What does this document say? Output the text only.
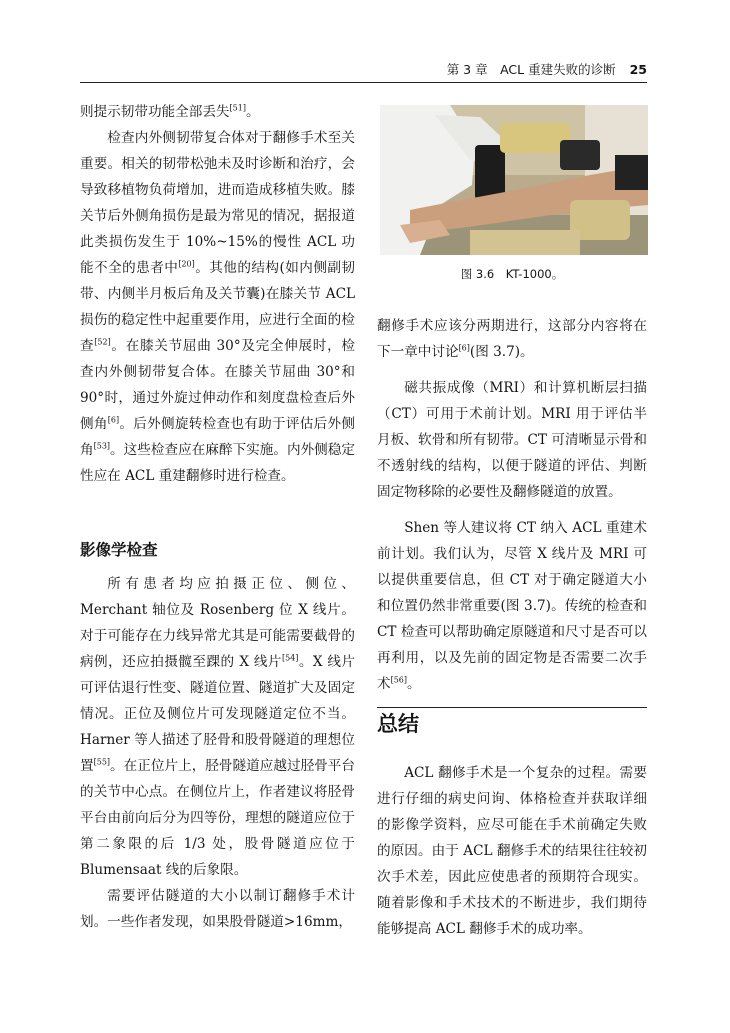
第 3 章　ACL 重建失败的诊断 25

则提示韧带功能全部丢失[51]。

检查内外侧韧带复合体对于翻修手术至关重要。相关的韧带松弛未及时诊断和治疗，会导致移植物负荷增加，进而造成移植失败。膝关节后外侧角损伤是最为常见的情况，据报道此类损伤发生于 10%~15%的慢性 ACL 功能不全的患者中[20]。其他的结构(如内侧副韧带、内侧半月板后角及关节囊)在膝关节 ACL 损伤的稳定性中起重要作用，应进行全面的检查[52]。在膝关节屈曲 30°及完全伸展时，检查内外侧韧带复合体。在膝关节屈曲 30°和 90°时，通过外旋过伸动作和刻度盘检查后外侧角[6]。后外侧旋转检查也有助于评估后外侧角[53]。这些检查应在麻醉下实施。内外侧稳定性应在 ACL 重建翻修时进行检查。

影像学检查

所有患者均应拍摄正位、侧位、Merchant 轴位及 Rosenberg 位 X 线片。对于可能存在力线异常尤其是可能需要截骨的病例，还应拍摄髋至踝的 X 线片[54]。X 线片可评估退行性变、隧道位置、隧道扩大及固定情况。正位及侧位片可发现隧道定位不当。Harner 等人描述了胫骨和股骨隧道的理想位置[55]。在正位片上，胫骨隧道应越过胫骨平台的关节中心点。在侧位片上，作者建议将胫骨平台由前向后分为四等份，理想的隧道应位于第二象限的后 1/3 处，股骨隧道应位于 Blumensaat 线的后象限。

需要评估隧道的大小以制订翻修手术计划。一些作者发现，如果股骨隧道>16mm，

图 3.6　KT-1000。

翻修手术应该分两期进行，这部分内容将在下一章中讨论[6](图 3.7)。

磁共振成像（MRI）和计算机断层扫描（CT）可用于术前计划。MRI 用于评估半月板、软骨和所有韧带。CT 可清晰显示骨和不透射线的结构，以便于隧道的评估、判断固定物移除的必要性及翻修隧道的放置。

Shen 等人建议将 CT 纳入 ACL 重建术前计划。我们认为，尽管 X 线片及 MRI 可以提供重要信息，但 CT 对于确定隧道大小和位置仍然非常重要(图 3.7)。传统的检查和 CT 检查可以帮助确定原隧道和尺寸是否可以再利用，以及先前的固定物是否需要二次手术[56]。

总结

ACL 翻修手术是一个复杂的过程。需要进行仔细的病史问询、体格检查并获取详细的影像学资料，应尽可能在手术前确定失败的原因。由于 ACL 翻修手术的结果往往较初次手术差，因此应使患者的预期符合现实。随着影像和手术技术的不断进步，我们期待能够提高 ACL 翻修手术的成功率。
